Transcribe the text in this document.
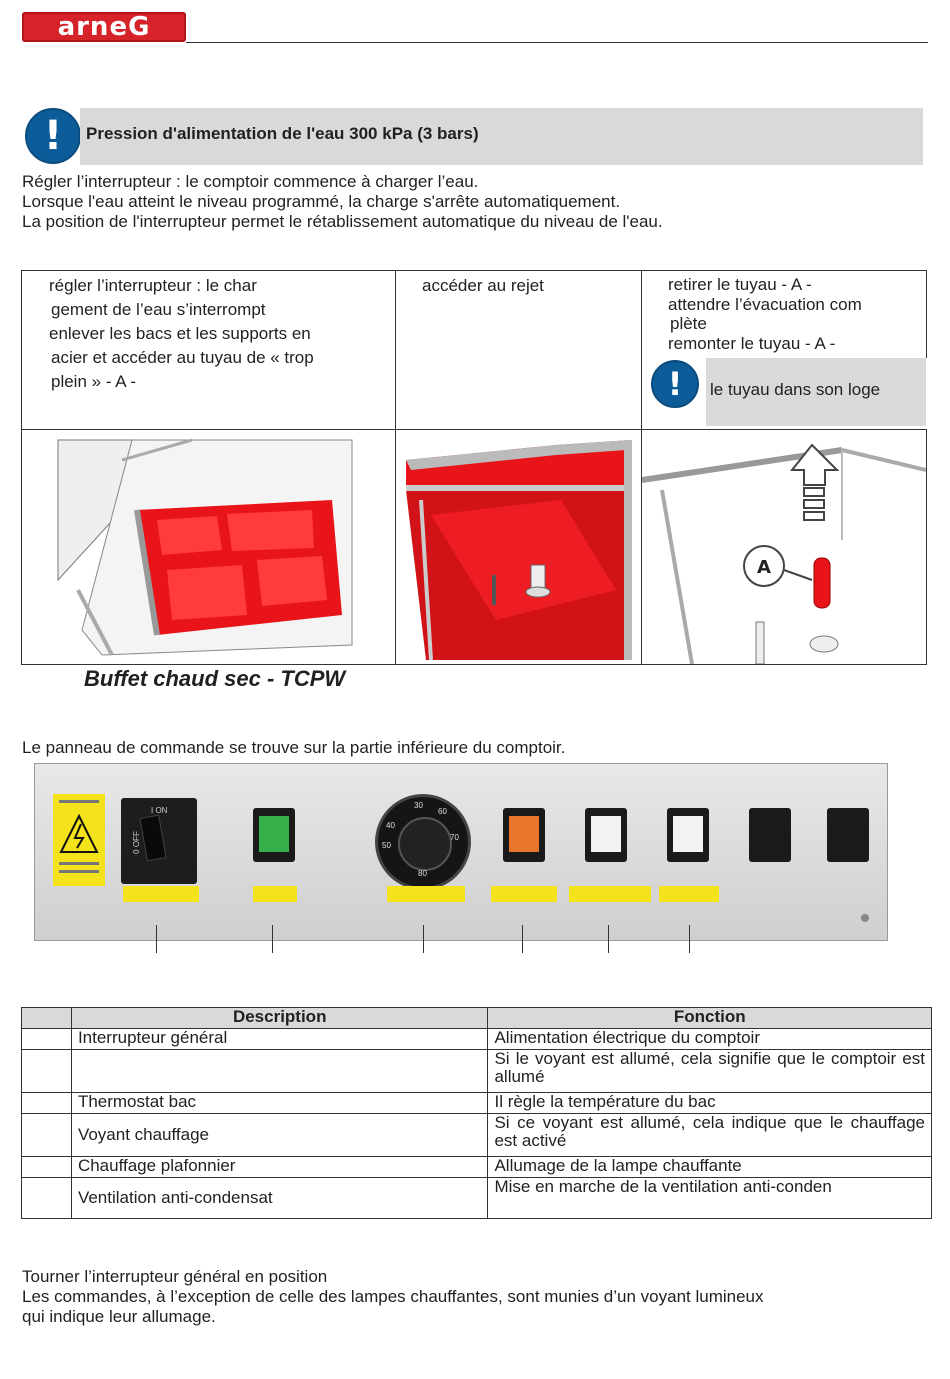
arneG
!	Pression d'alimentation de l'eau 300 kPa (3 bars)
Régler l’interrupteur : le comptoir commence à charger l’eau.
Lorsque l'eau atteint le niveau programmé, la charge s'arrête automatiquement.
La position de l'interrupteur permet le rétablissement automatique du niveau de l'eau.
régler l’interrupteur : le char
gement de l’eau s’interrompt
enlever les bacs et les supports en
acier et accéder au tuyau de « trop
plein » - A -
accéder au rejet	retirer le tuyau - A -
attendre l’évacuation com
plète
remonter le tuyau - A -
!	le tuyau dans son loge
A
Buffet chaud sec - TCPW
Le panneau de commande se trouve sur la partie inférieure du comptoir.
I ON
0 OFF
30
40
50
60
70
80
	Description	Fonction
	Interrupteur général	Alimentation électrique du comptoir
		Si le voyant est allumé, cela signifie que le comptoir est allumé
	Thermostat bac	Il règle la température du bac
	Voyant chauffage	Si ce voyant est allumé, cela indique que le chauffage est activé
	Chauffage plafonnier	Allumage de la lampe chauffante
	Ventilation anti-condensat	Mise en marche de la ventilation anti-conden
Tourner l’interrupteur général en position
Les commandes, à l’exception de celle des lampes chauffantes, sont munies d’un voyant lumineux
qui indique leur allumage.
